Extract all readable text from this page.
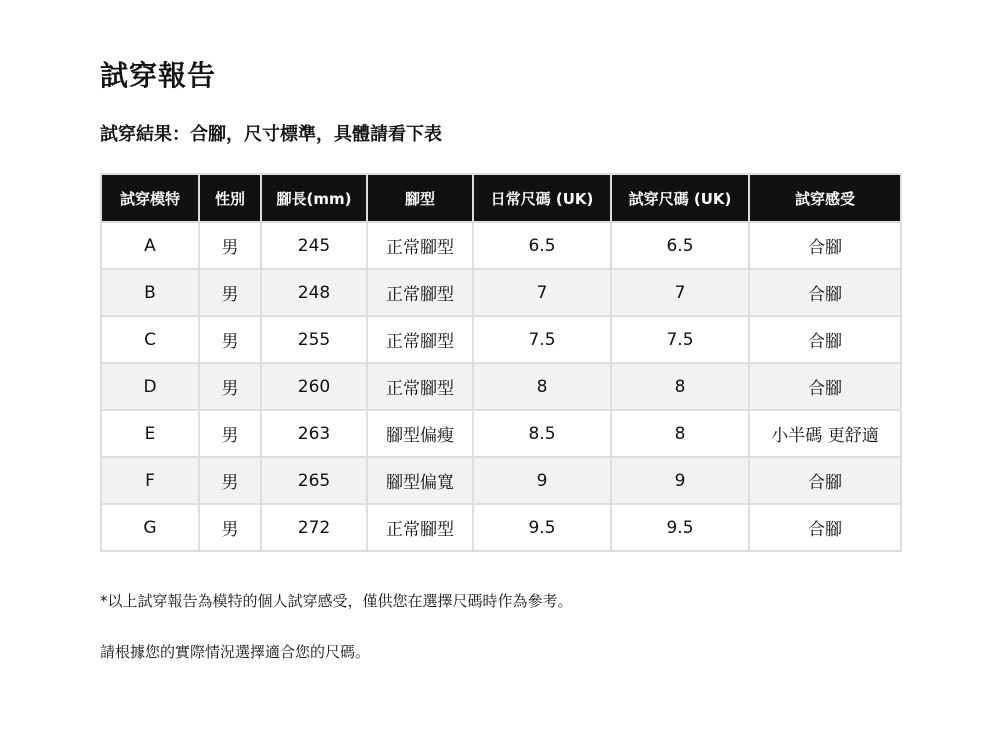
試穿報告

試穿結果：合腳，尺寸標準，具體請看下表

試穿模特	性別	腳長(mm)	腳型	日常尺碼 (UK)	試穿尺碼 (UK)	試穿感受
A	男	245	正常腳型	6.5	6.5	合腳
B	男	248	正常腳型	7	7	合腳
C	男	255	正常腳型	7.5	7.5	合腳
D	男	260	正常腳型	8	8	合腳
E	男	263	腳型偏瘦	8.5	8	小半碼 更舒適
F	男	265	腳型偏寬	9	9	合腳
G	男	272	正常腳型	9.5	9.5	合腳

*以上試穿報告為模特的個人試穿感受，僅供您在選擇尺碼時作為參考。

請根據您的實際情況選擇適合您的尺碼。
